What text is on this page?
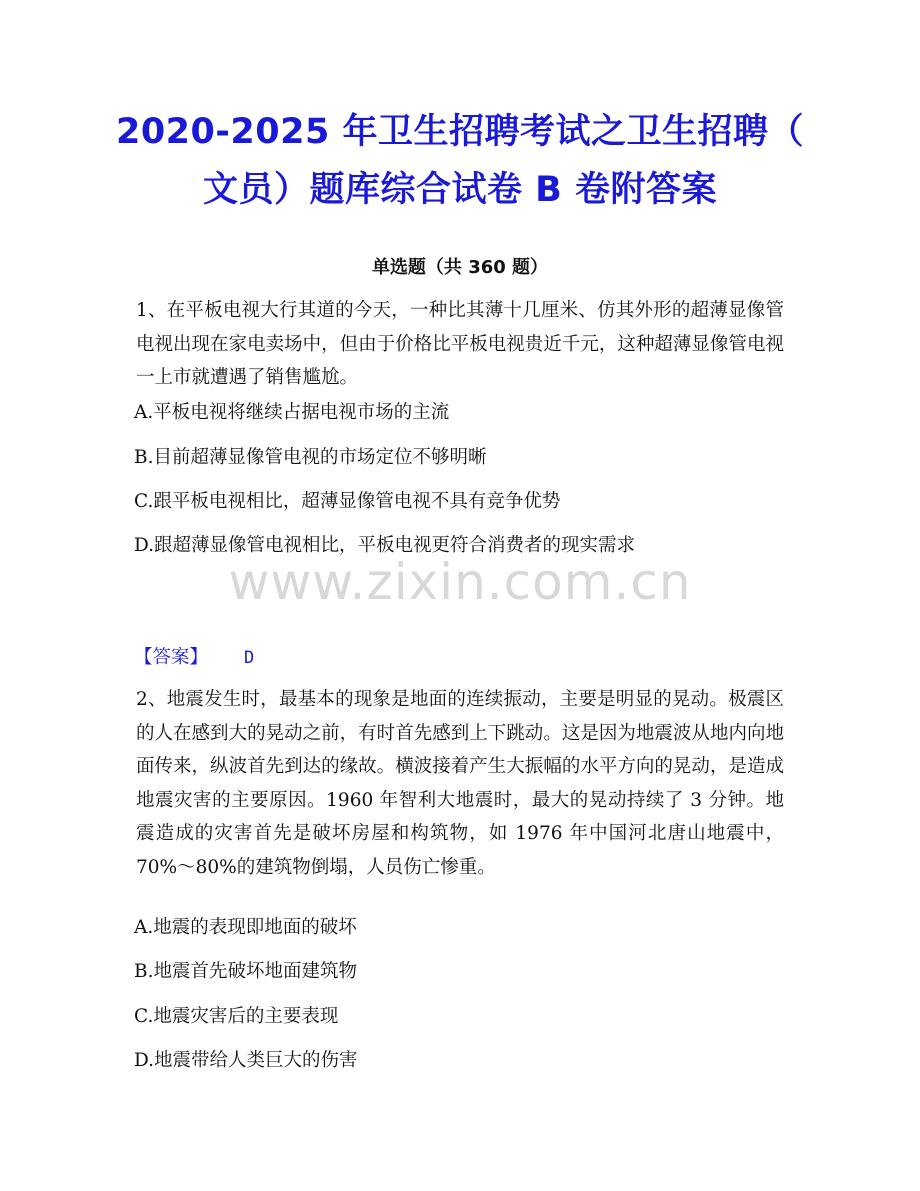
2020-2025 年卫生招聘考试之卫生招聘（
文员）题库综合试卷 B 卷附答案
单选题（共 360 题）
1、在平板电视大行其道的今天，一种比其薄十几厘米、仿其外形的超薄显像管电视出现在家电卖场中，但由于价格比平板电视贵近千元，这种超薄显像管电视一上市就遭遇了销售尴尬。
A.平板电视将继续占据电视市场的主流
B.目前超薄显像管电视的市场定位不够明晰
C.跟平板电视相比，超薄显像管电视不具有竞争优势
D.跟超薄显像管电视相比，平板电视更符合消费者的现实需求
www.zixin.com.cn
【答案】 D
2、地震发生时，最基本的现象是地面的连续振动，主要是明显的晃动。极震区的人在感到大的晃动之前，有时首先感到上下跳动。这是因为地震波从地内向地面传来，纵波首先到达的缘故。横波接着产生大振幅的水平方向的晃动，是造成地震灾害的主要原因。1960 年智利大地震时，最大的晃动持续了 3 分钟。地震造成的灾害首先是破坏房屋和构筑物，如 1976 年中国河北唐山地震中，70%～80%的建筑物倒塌，人员伤亡惨重。
A.地震的表现即地面的破坏
B.地震首先破坏地面建筑物
C.地震灾害后的主要表现
D.地震带给人类巨大的伤害
